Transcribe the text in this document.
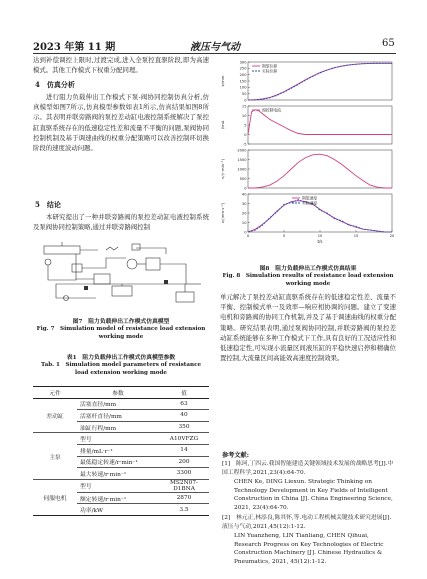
2023 年第 11 期	液压与气动	65
达到补偿调控上限时,过渡完成,进入全泵控直驱阶段,即为高速模式。其他工作模式下权重分配同理。
4　仿真分析
进行阻力负载伸出工作模式下泵-阀协同控制仿真分析,仿真模型如图7所示,仿真模型参数如表1所示,仿真结果如图8所示。其表明并联旁路阀的泵控差动缸电液控制系统解决了泵控缸直驱系统存在的低速稳定性差和流量不平衡的问题,泵阀协同控制机制及基于调速曲线的权重分配策略可以改善控制环切换阶段的速度波动问题。
5　结论
本研究提出了一种并联旁路阀的泵控差动缸电液控制系统及泵阀协同控制策略,通过并联旁路阀控制
图7　阻力负载伸出工作模式仿真模型
Fig. 7　Simulation model of resistance load extension
working mode
表1　阻力负载伸出工作模式仿真模型参数
Tab. 1　Simulation model parameters of resistance
load extension working mode
元件	参数	值
差动缸	活塞直径/mm	63
	活塞杆直径/mm	40
	油缸行程/mm	350
主泵	型号	A10VFZG
	排量/mL·r⁻¹	14
	最低稳定转速/r·min⁻¹	200
	最大转速/r·min⁻¹	3300
伺服电机	型号	MS2N07-D1BNA
	额定转速/r·min⁻¹	2870
	功率/kW	3.5
300
250
200
150
100
50
0
x/mm
期望位移
实际位移
15
10
5
0
-5
I/mA
阀控制电流
2000
1500
1000
500
0
n/(r·min⁻¹)
40
30
20
10
0
v/(mm·s⁻¹)
期望速度
实际速度
0	5	10	15	20
t/s
图8　阻力负载伸出工作模式仿真结果
Fig. 8　Simulation results of resistance load extension working mode
单元解决了泵控差动缸直驱系统存在的低速稳定性差、流量不平衡、控制模式单一及效率—响应相协调的问题。建立了变速电机和旁路阀的协同工作机制,并及了基于调速曲线的权重分配策略。研究结果表明,通过泵阀协同控制,并联旁路阀的泵控差动缸系统能够在多种工作模式下工作,具有良好的工况适应性和低速稳定性,可实现小流量区间液压缸的平稳快速启停和精确位置控制,大流量区间高能效高速度控制效果。
参考文献:
[1]　陈珂,丁四云.我国智能建造关键领域技术发展的战略思考[J].中国工程科学,2021,23(4):64-70.
CHEN Ke, DING Liexun. Strategic Thinking on Technology Development in Key Fields of Intelligent Construction in China [J]. China Engineering Science, 2021, 23(4):64-70.
[2]　林元正,林添良,陈其怀,等.电动工程机械关键技术研究进展[J].液压与气动,2021,45(12):1-12.
LIN Yuanzheng, LIN Tianliang, CHEN Qihuai, Research Progress on Key Technologies of Electric Construction Machinery [J]. Chinese Hydraulics & Pneumatics, 2021, 45(12):1-12.
